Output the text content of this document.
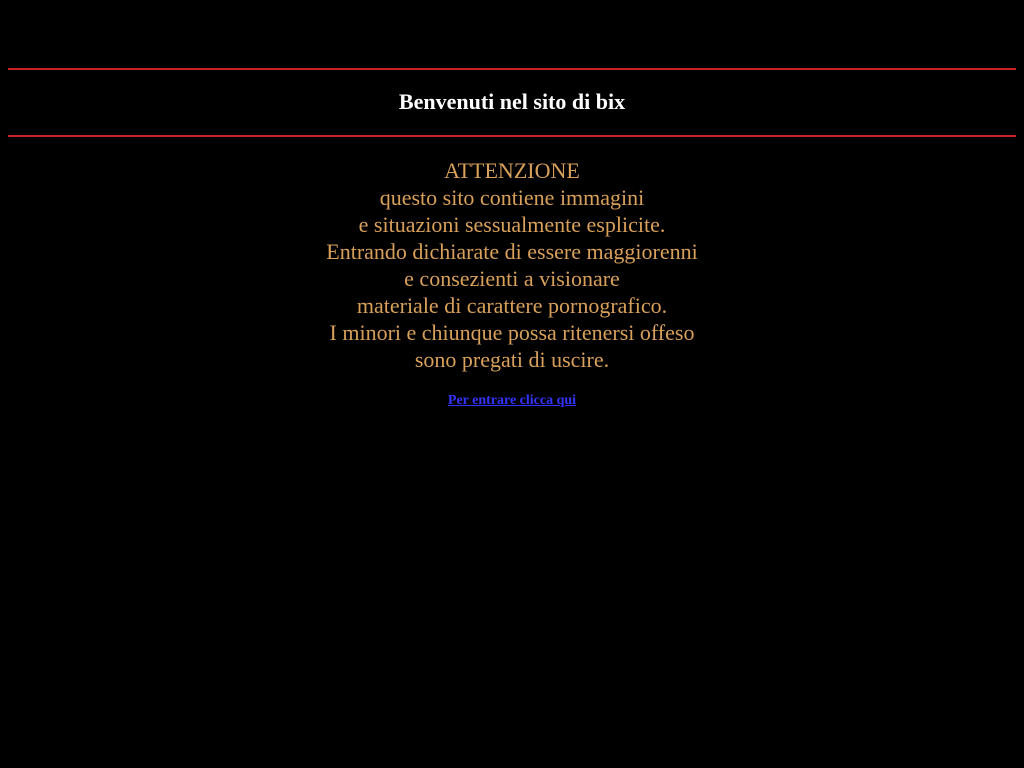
Benvenuti nel sito di bix
ATTENZIONE
questo sito contiene immagini
e situazioni sessualmente esplicite.
Entrando dichiarate di essere maggiorenni
e consezienti a visionare
materiale di carattere pornografico.
I minori e chiunque possa ritenersi offeso
sono pregati di uscire.
Per entrare clicca qui
